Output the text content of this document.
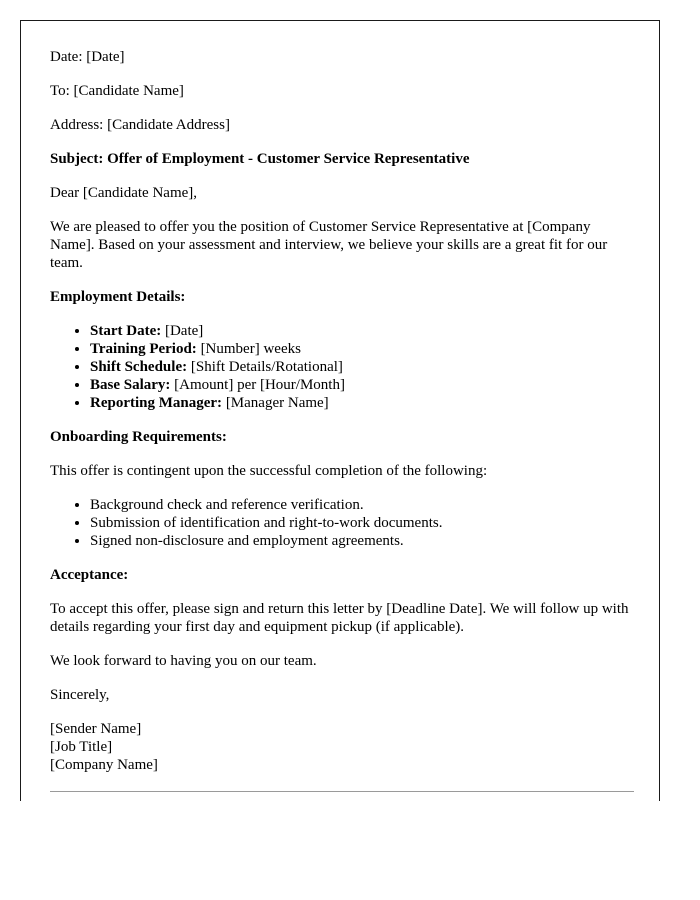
Date: [Date]

To: [Candidate Name]

Address: [Candidate Address]

Subject: Offer of Employment - Customer Service Representative

Dear [Candidate Name],

We are pleased to offer you the position of Customer Service Representative at [Company Name]. Based on your assessment and interview, we believe your skills are a great fit for our team.

Employment Details:

• Start Date: [Date]
• Training Period: [Number] weeks
• Shift Schedule: [Shift Details/Rotational]
• Base Salary: [Amount] per [Hour/Month]
• Reporting Manager: [Manager Name]

Onboarding Requirements:

This offer is contingent upon the successful completion of the following:

• Background check and reference verification.
• Submission of identification and right-to-work documents.
• Signed non-disclosure and employment agreements.

Acceptance:

To accept this offer, please sign and return this letter by [Deadline Date]. We will follow up with details regarding your first day and equipment pickup (if applicable).

We look forward to having you on our team.

Sincerely,

[Sender Name]
[Job Title]
[Company Name]
